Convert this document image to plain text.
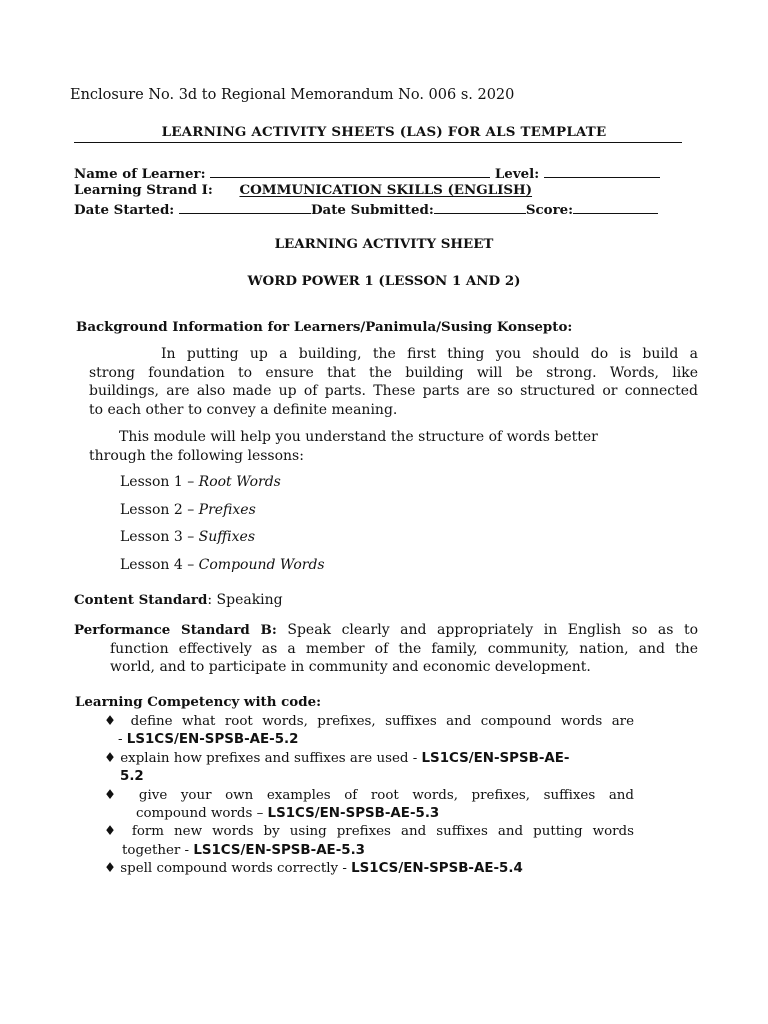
Enclosure No. 3d to Regional Memorandum No. 006 s. 2020
LEARNING ACTIVITY SHEETS (LAS) FOR ALS TEMPLATE
Name of Learner:	Level:
Learning Strand I: COMMUNICATION SKILLS (ENGLISH)
Date Started:	Date Submitted:	Score:
LEARNING ACTIVITY SHEET
WORD POWER 1 (LESSON 1 AND 2)
Background Information for Learners/Panimula/Susing Konsepto:
In putting up a building, the first thing you should do is build a
strong foundation to ensure that the building will be strong. Words, like
buildings, are also made up of parts. These parts are so structured or connected
to each other to convey a definite meaning.
This module will help you understand the structure of words better
through the following lessons:
Lesson 1 – Root Words
Lesson 2 – Prefixes
Lesson 3 – Suffixes
Lesson 4 – Compound Words
Content Standard: Speaking
Performance Standard B: Speak clearly and appropriately in English so as to
function effectively as a member of the family, community, nation, and the
world, and to participate in community and economic development.
Learning Competency with code:
♦ define what root words, prefixes, suffixes and compound words are
- LS1CS/EN-SPSB-AE-5.2
♦ explain how prefixes and suffixes are used - LS1CS/EN-SPSB-AE-
5.2
♦ give your own examples of root words, prefixes, suffixes and
compound words – LS1CS/EN-SPSB-AE-5.3
♦ form new words by using prefixes and suffixes and putting words
together - LS1CS/EN-SPSB-AE-5.3
♦ spell compound words correctly - LS1CS/EN-SPSB-AE-5.4
